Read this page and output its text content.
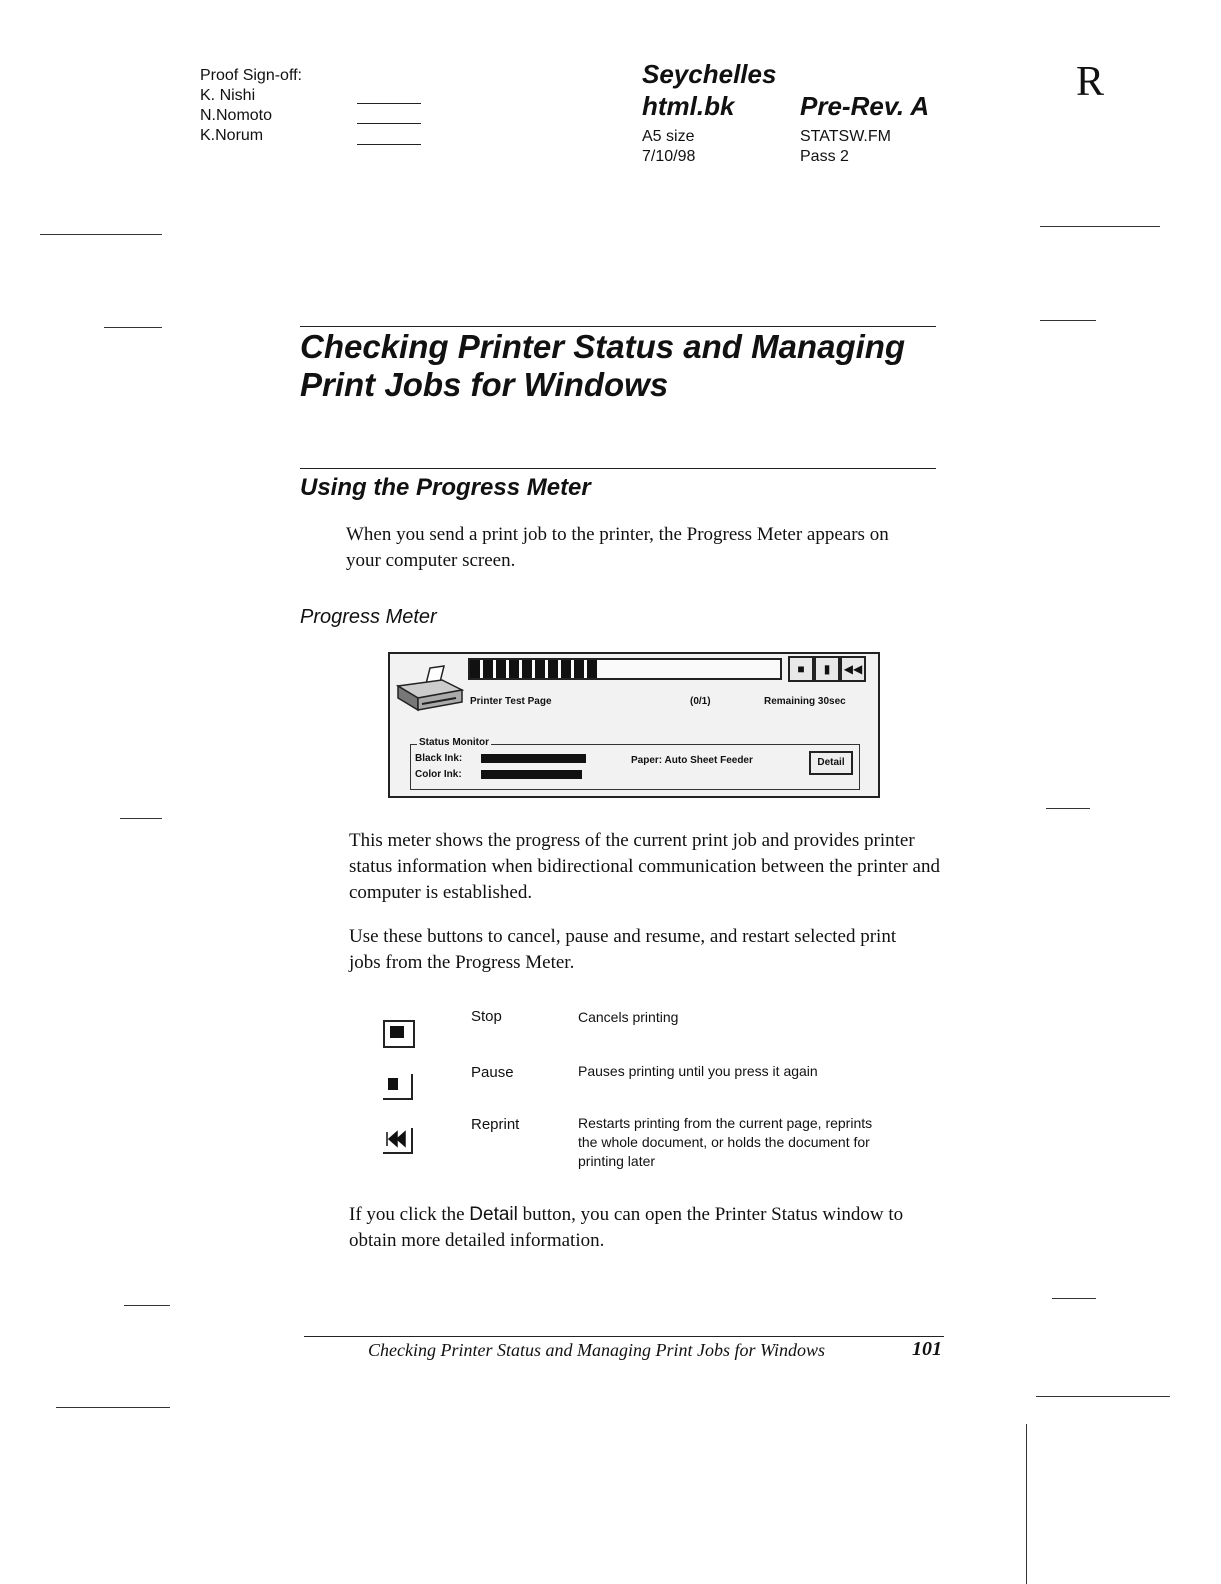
Proof Sign-off:
K. Nishi
N.Nomoto
K.Norum
Seychelles
html.bk	Pre-Rev. A
A5 size
7/10/98
STATSW.FM
Pass 2
R
Checking Printer Status and Managing Print Jobs for Windows
Using the Progress Meter
When you send a print job to the printer, the Progress Meter appears on your computer screen.
Progress Meter
■	▮	◀◀
Printer Test Page	(0/1)	Remaining 30sec
Status Monitor
Black Ink:
Color Ink:
Paper: Auto Sheet Feeder	Detail
This meter shows the progress of the current print job and provides printer status information when bidirectional communication between the printer and computer is established.
Use these buttons to cancel, pause and resume, and restart selected print jobs from the Progress Meter.
Stop	Cancels printing
Pause	Pauses printing until you press it again
Reprint	Restarts printing from the current page, reprints the whole document, or holds the document for printing later
If you click the Detail button, you can open the Printer Status window to obtain more detailed information.
Checking Printer Status and Managing Print Jobs for Windows	101
